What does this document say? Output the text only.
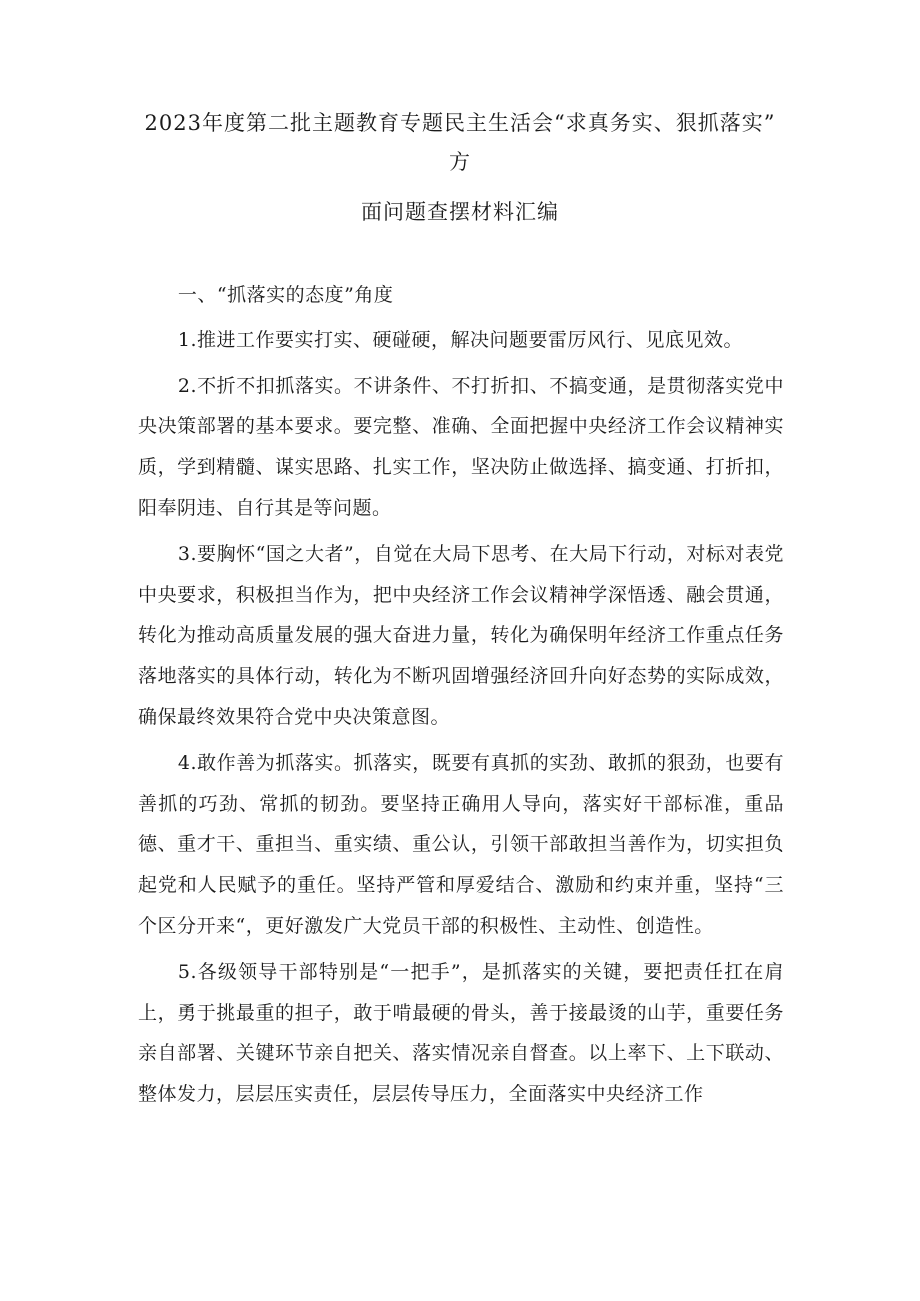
2023年度第二批主题教育专题民主生活会“求真务实、狠抓落实”
方
面问题查摆材料汇编

一、“抓落实的态度”角度

1.推进工作要实打实、硬碰硬，解决问题要雷厉风行、见底见效。

2.不折不扣抓落实。不讲条件、不打折扣、不搞变通，是贯彻落实党中央决策部署的基本要求。要完整、准确、全面把握中央经济工作会议精神实质，学到精髓、谋实思路、扎实工作，坚决防止做选择、搞变通、打折扣，阳奉阴违、自行其是等问题。

3.要胸怀“国之大者”，自觉在大局下思考、在大局下行动，对标对表党中央要求，积极担当作为，把中央经济工作会议精神学深悟透、融会贯通，转化为推动高质量发展的强大奋进力量，转化为确保明年经济工作重点任务落地落实的具体行动，转化为不断巩固增强经济回升向好态势的实际成效，确保最终效果符合党中央决策意图。

4.敢作善为抓落实。抓落实，既要有真抓的实劲、敢抓的狠劲，也要有善抓的巧劲、常抓的韧劲。要坚持正确用人导向，落实好干部标准，重品德、重才干、重担当、重实绩、重公认，引领干部敢担当善作为，切实担负起党和人民赋予的重任。坚持严管和厚爱结合、激励和约束并重，坚持“三个区分开来“，更好激发广大党员干部的积极性、主动性、创造性。

5.各级领导干部特别是“一把手”，是抓落实的关键，要把责任扛在肩上，勇于挑最重的担子，敢于啃最硬的骨头，善于接最烫的山芋，重要任务亲自部署、关键环节亲自把关、落实情况亲自督查。以上率下、上下联动、整体发力，层层压实责任，层层传导压力，全面落实中央经济工作
